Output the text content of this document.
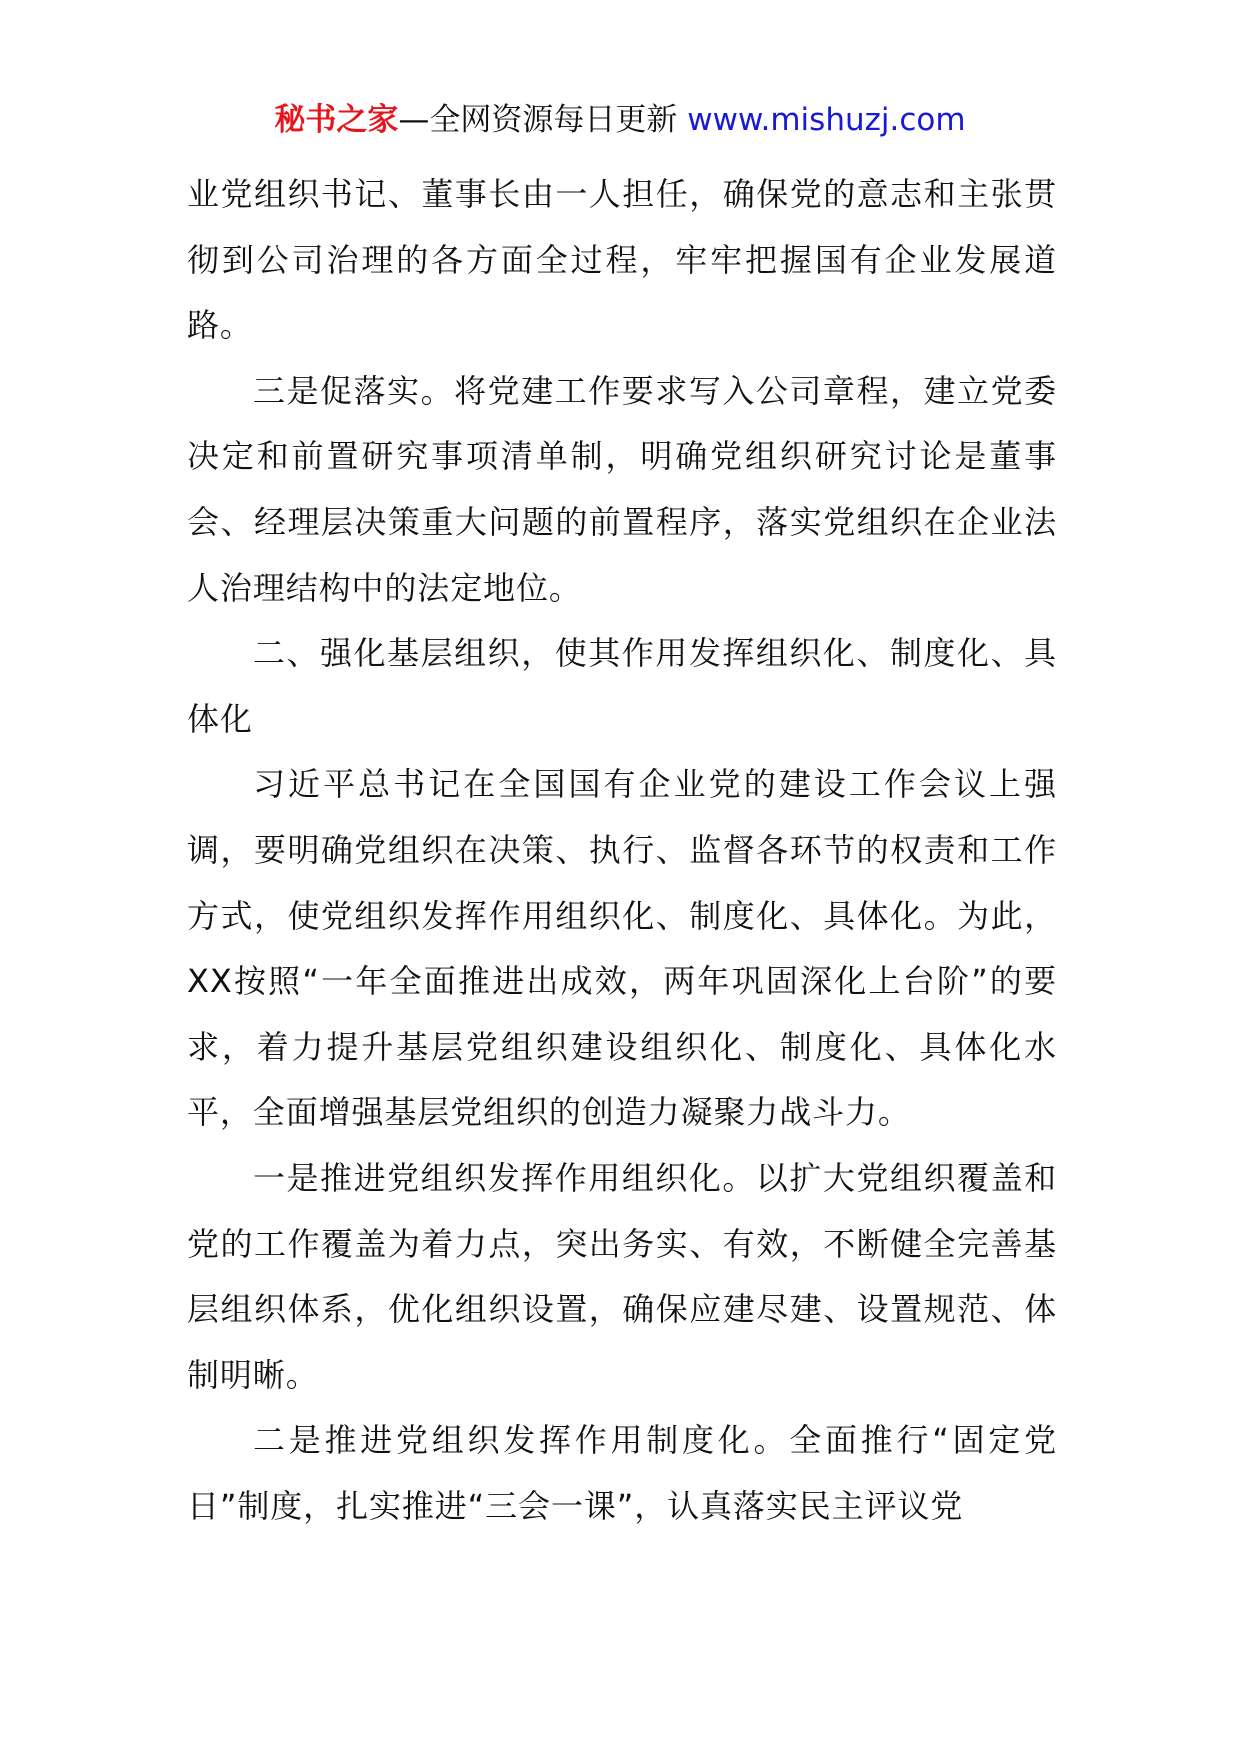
秘书之家—全网资源每日更新 www.mishuzj.com

业党组织书记、董事长由一人担任，确保党的意志和主张贯彻到公司治理的各方面全过程，牢牢把握国有企业发展道路。

三是促落实。将党建工作要求写入公司章程，建立党委决定和前置研究事项清单制，明确党组织研究讨论是董事会、经理层决策重大问题的前置程序，落实党组织在企业法人治理结构中的法定地位。

二、强化基层组织，使其作用发挥组织化、制度化、具体化

习近平总书记在全国国有企业党的建设工作会议上强调，要明确党组织在决策、执行、监督各环节的权责和工作方式，使党组织发挥作用组织化、制度化、具体化。为此，XX按照“一年全面推进出成效，两年巩固深化上台阶”的要求，着力提升基层党组织建设组织化、制度化、具体化水平，全面增强基层党组织的创造力凝聚力战斗力。

一是推进党组织发挥作用组织化。以扩大党组织覆盖和党的工作覆盖为着力点，突出务实、有效，不断健全完善基层组织体系，优化组织设置，确保应建尽建、设置规范、体制明晰。

二是推进党组织发挥作用制度化。全面推行“固定党日”制度，扎实推进“三会一课”，认真落实民主评议党
